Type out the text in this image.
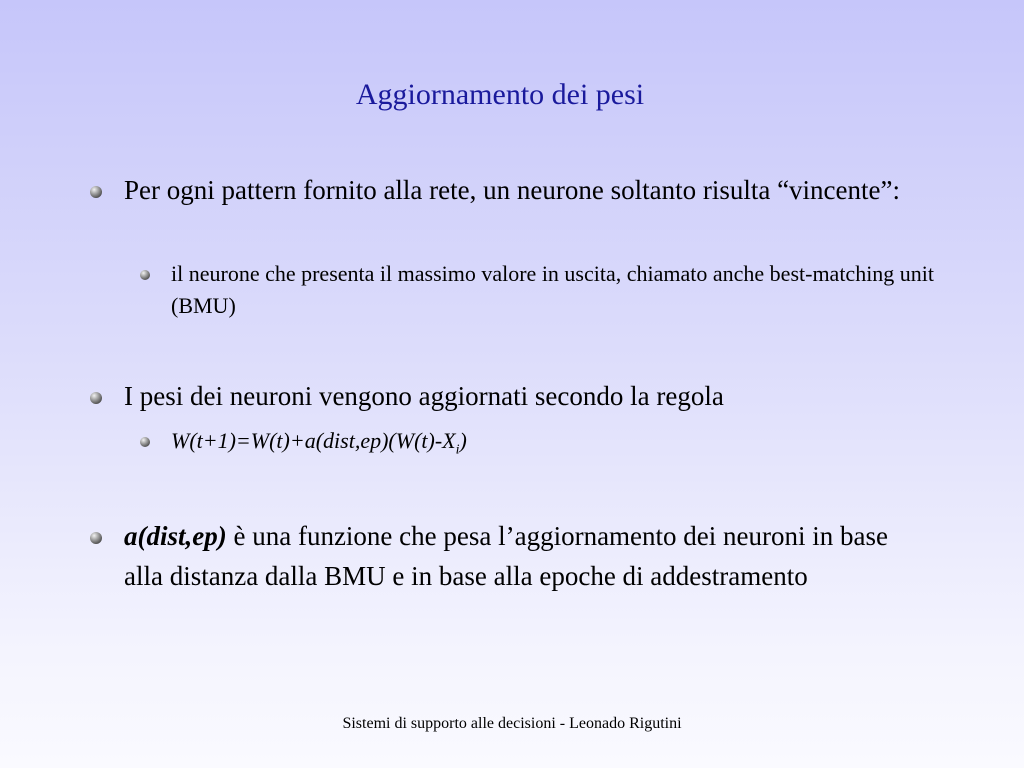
Aggiornamento dei pesi
Per ogni pattern fornito alla rete, un neurone soltanto risulta “vincente”:
il neurone che presenta il massimo valore in uscita, chiamato anche best-matching unit (BMU)
I pesi dei neuroni vengono aggiornati secondo la regola
$W(t+1)=W(t)+a(dist,ep)(W(t)-X_i)$
a(dist,ep) è una funzione che pesa l’aggiornamento dei neuroni in base alla distanza dalla BMU e in base alla epoche di addestramento
Sistemi di supporto alle decisioni - Leonado Rigutini
